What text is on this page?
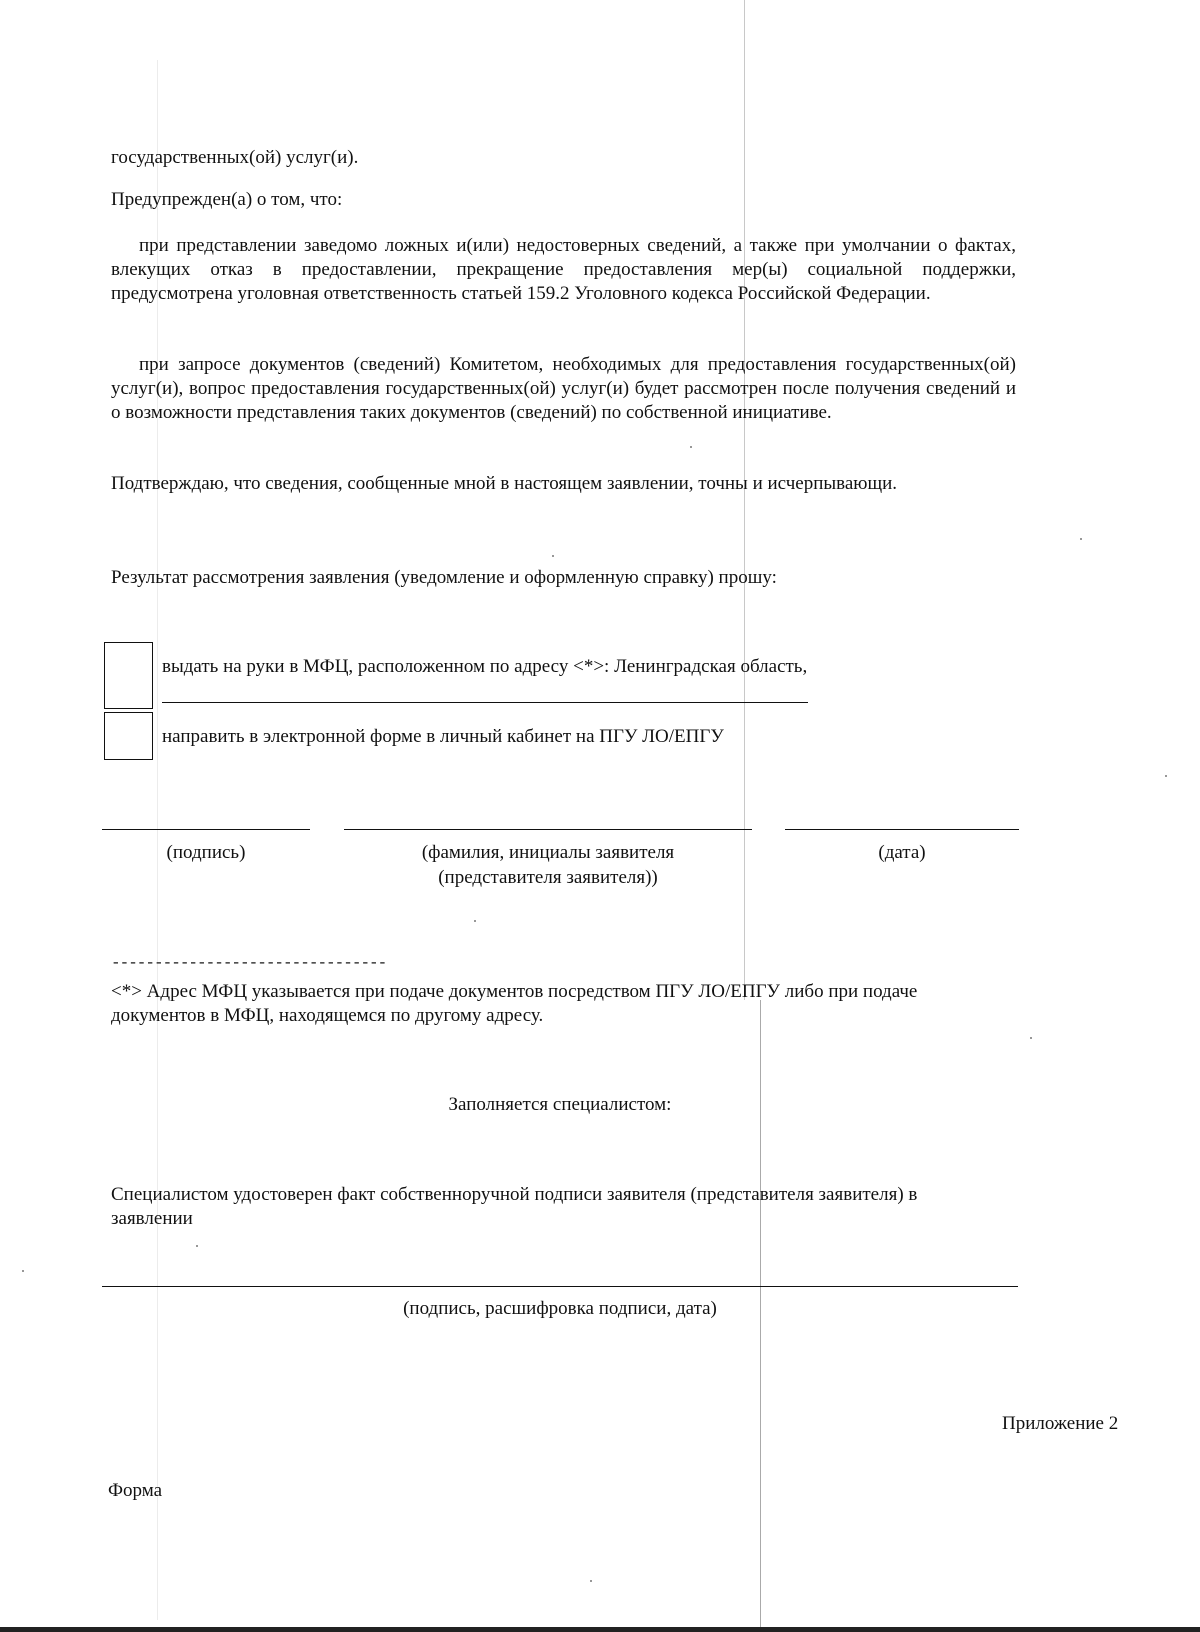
государственных(ой) услуг(и).

Предупрежден(а) о том, что:

при представлении заведомо ложных и(или) недостоверных сведений, а также при умолчании о фактах, влекущих отказ в предоставлении, прекращение предоставления мер(ы) социальной поддержки, предусмотрена уголовная ответственность статьей 159.2 Уголовного кодекса Российской Федерации.

при запросе документов (сведений) Комитетом, необходимых для предоставления государственных(ой) услуг(и), вопрос предоставления государственных(ой) услуг(и) будет рассмотрен после получения сведений и о возможности представления таких документов (сведений) по собственной инициативе.

Подтверждаю, что сведения, сообщенные мной в настоящем заявлении, точны и исчерпывающи.

Результат рассмотрения заявления (уведомление и оформленную справку) прошу:

выдать на руки в МФЦ, расположенном по адресу <*>: Ленинградская область,

направить в электронной форме в личный кабинет на ПГУ ЛО/ЕПГУ

(подпись)	(фамилия, инициалы заявителя

(представителя заявителя))

(дата)

--------------------------------

<*> Адрес МФЦ указывается при подаче документов посредством ПГУ ЛО/ЕПГУ либо при подаче документов в МФЦ, находящемся по другому адресу.

Заполняется специалистом:

Специалистом удостоверен факт собственноручной подписи заявителя (представителя заявителя) в заявлении

(подпись, расшифровка подписи, дата)

Приложение 2

Форма
